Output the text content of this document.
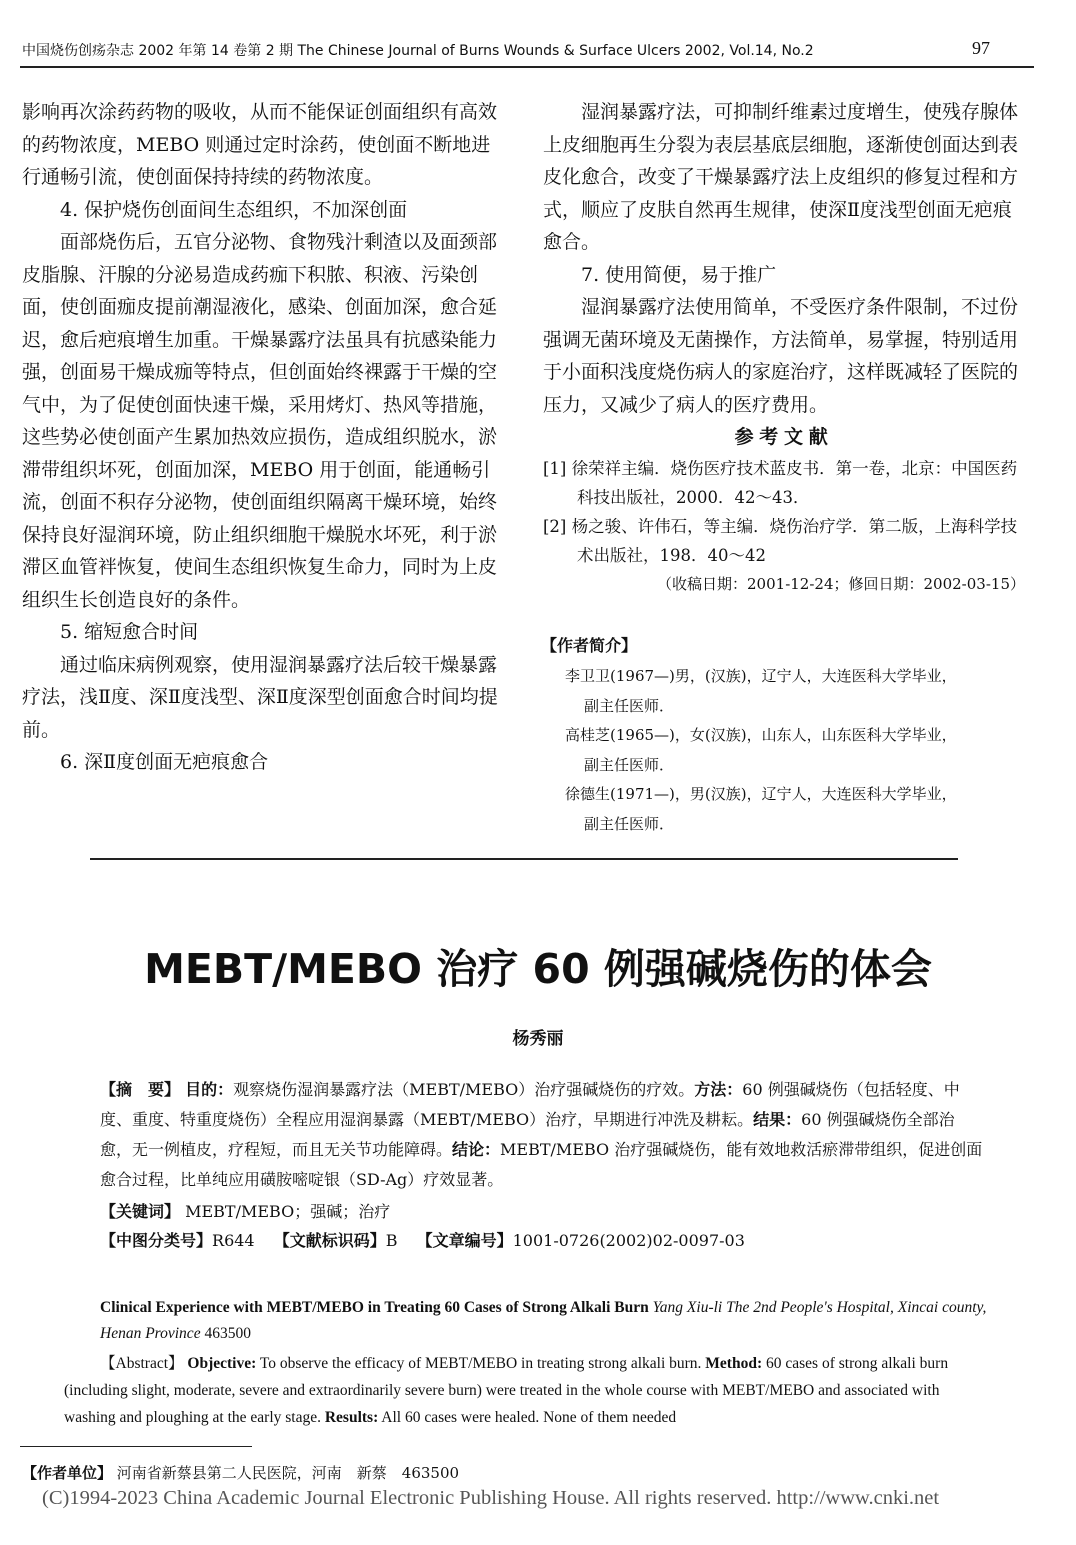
中国烧伤创疡杂志 2002 年第 14 卷第 2 期 The Chinese Journal of Burns Wounds & Surface Ulcers 2002, Vol.14, No.2	97

影响再次涂药药物的吸收，从而不能保证创面组织有高效的药物浓度，MEBO 则通过定时涂药，使创面不断地进行通畅引流，使创面保持持续的药物浓度。

4. 保护烧伤创面间生态组织，不加深创面

面部烧伤后，五官分泌物、食物残汁剩渣以及面颈部皮脂腺、汗腺的分泌易造成药痂下积脓、积液、污染创面，使创面痂皮提前潮湿液化，感染、创面加深，愈合延迟，愈后疤痕增生加重。干燥暴露疗法虽具有抗感染能力强，创面易干燥成痂等特点，但创面始终裸露于干燥的空气中，为了促使创面快速干燥，采用烤灯、热风等措施，这些势必使创面产生累加热效应损伤，造成组织脱水，淤滞带组织坏死，创面加深，MEBO 用于创面，能通畅引流，创面不积存分泌物，使创面组织隔离干燥环境，始终保持良好湿润环境，防止组织细胞干燥脱水坏死，利于淤滞区血管袢恢复，使间生态组织恢复生命力，同时为上皮组织生长创造良好的条件。

5. 缩短愈合时间

通过临床病例观察，使用湿润暴露疗法后较干燥暴露疗法，浅Ⅱ度、深Ⅱ度浅型、深Ⅱ度深型创面愈合时间均提前。

6. 深Ⅱ度创面无疤痕愈合

湿润暴露疗法，可抑制纤维素过度增生，使残存腺体上皮细胞再生分裂为表层基底层细胞，逐渐使创面达到表皮化愈合，改变了干燥暴露疗法上皮组织的修复过程和方式，顺应了皮肤自然再生规律，使深Ⅱ度浅型创面无疤痕愈合。

7. 使用简便，易于推广

湿润暴露疗法使用简单，不受医疗条件限制，不过份强调无菌环境及无菌操作，方法简单，易掌握，特别适用于小面积浅度烧伤病人的家庭治疗，这样既减轻了医院的压力，又减少了病人的医疗费用。

参考文献

[1] 徐荣祥主编．烧伤医疗技术蓝皮书．第一卷，北京：中国医药科技出版社，2000．42～43．

[2] 杨之骏、许伟石，等主编．烧伤治疗学．第二版，上海科学技术出版社，198．40～42

（收稿日期：2001-12-24；修回日期：2002-03-15）

【作者简介】
李卫卫(1967—)男，(汉族)，辽宁人，大连医科大学毕业，
副主任医师．
高桂芝(1965—)，女(汉族)，山东人，山东医科大学毕业，
副主任医师．
徐德生(1971—)，男(汉族)，辽宁人，大连医科大学毕业，
副主任医师．
MEBT/MEBO 治疗 60 例强碱烧伤的体会
杨秀丽
【摘　要】 目的：观察烧伤湿润暴露疗法（MEBT/MEBO）治疗强碱烧伤的疗效。方法：60 例强碱烧伤（包括轻度、中度、重度、特重度烧伤）全程应用湿润暴露（MEBT/MEBO）治疗，早期进行冲洗及耕耘。结果：60 例强碱烧伤全部治愈，无一例植皮，疗程短，而且无关节功能障碍。结论：MEBT/MEBO 治疗强碱烧伤，能有效地救活瘀滞带组织，促进创面愈合过程，比单纯应用磺胺嘧啶银（SD-Ag）疗效显著。
【关键词】 MEBT/MEBO；强碱；治疗
【中图分类号】R644 【文献标识码】B 【文章编号】1001-0726(2002)02-0097-03
Clinical Experience with MEBT/MEBO in Treating 60 Cases of Strong Alkali Burn Yang Xiu-li The 2nd People's Hospital, Xincai county, Henan Province 463500
【Abstract】 Objective: To observe the efficacy of MEBT/MEBO in treating strong alkali burn. Method: 60 cases of strong alkali burn (including slight, moderate, severe and extraordinarily severe burn) were treated in the whole course with MEBT/MEBO and associated with washing and ploughing at the early stage. Results: All 60 cases were healed. None of them needed
【作者单位】 河南省新蔡县第二人民医院，河南　新蔡　463500
(C)1994-2023 China Academic Journal Electronic Publishing House. All rights reserved. http://www.cnki.net
